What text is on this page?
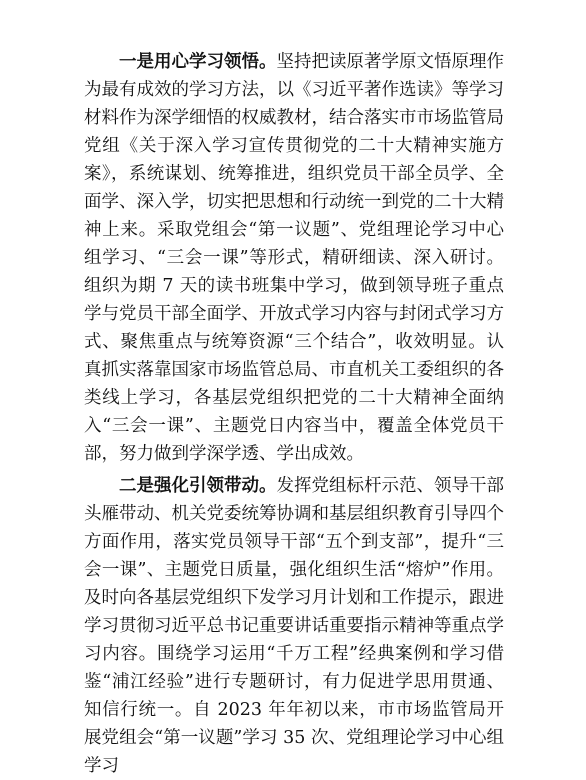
一是用心学习领悟。坚持把读原著学原文悟原理作为最有成效的学习方法，以《习近平著作选读》等学习材料作为深学细悟的权威教材，结合落实市市场监管局党组《关于深入学习宣传贯彻党的二十大精神实施方案》，系统谋划、统筹推进，组织党员干部全员学、全面学、深入学，切实把思想和行动统一到党的二十大精神上来。采取党组会“第一议题”、党组理论学习中心组学习、“三会一课”等形式，精研细读、深入研讨。组织为期 7 天的读书班集中学习，做到领导班子重点学与党员干部全面学、开放式学习内容与封闭式学习方式、聚焦重点与统筹资源“三个结合”，收效明显。认真抓实落靠国家市场监管总局、市直机关工委组织的各类线上学习，各基层党组织把党的二十大精神全面纳入“三会一课”、主题党日内容当中，覆盖全体党员干部，努力做到学深学透、学出成效。

二是强化引领带动。发挥党组标杆示范、领导干部头雁带动、机关党委统筹协调和基层组织教育引导四个方面作用，落实党员领导干部“五个到支部”，提升“三会一课”、主题党日质量，强化组织生活“熔炉”作用。及时向各基层党组织下发学习月计划和工作提示，跟进学习贯彻习近平总书记重要讲话重要指示精神等重点学习内容。围绕学习运用“千万工程”经典案例和学习借鉴“浦江经验”进行专题研讨，有力促进学思用贯通、知信行统一。自 2023 年年初以来，市市场监管局开展党组会“第一议题”学习 35 次、党组理论学习中心组学习
